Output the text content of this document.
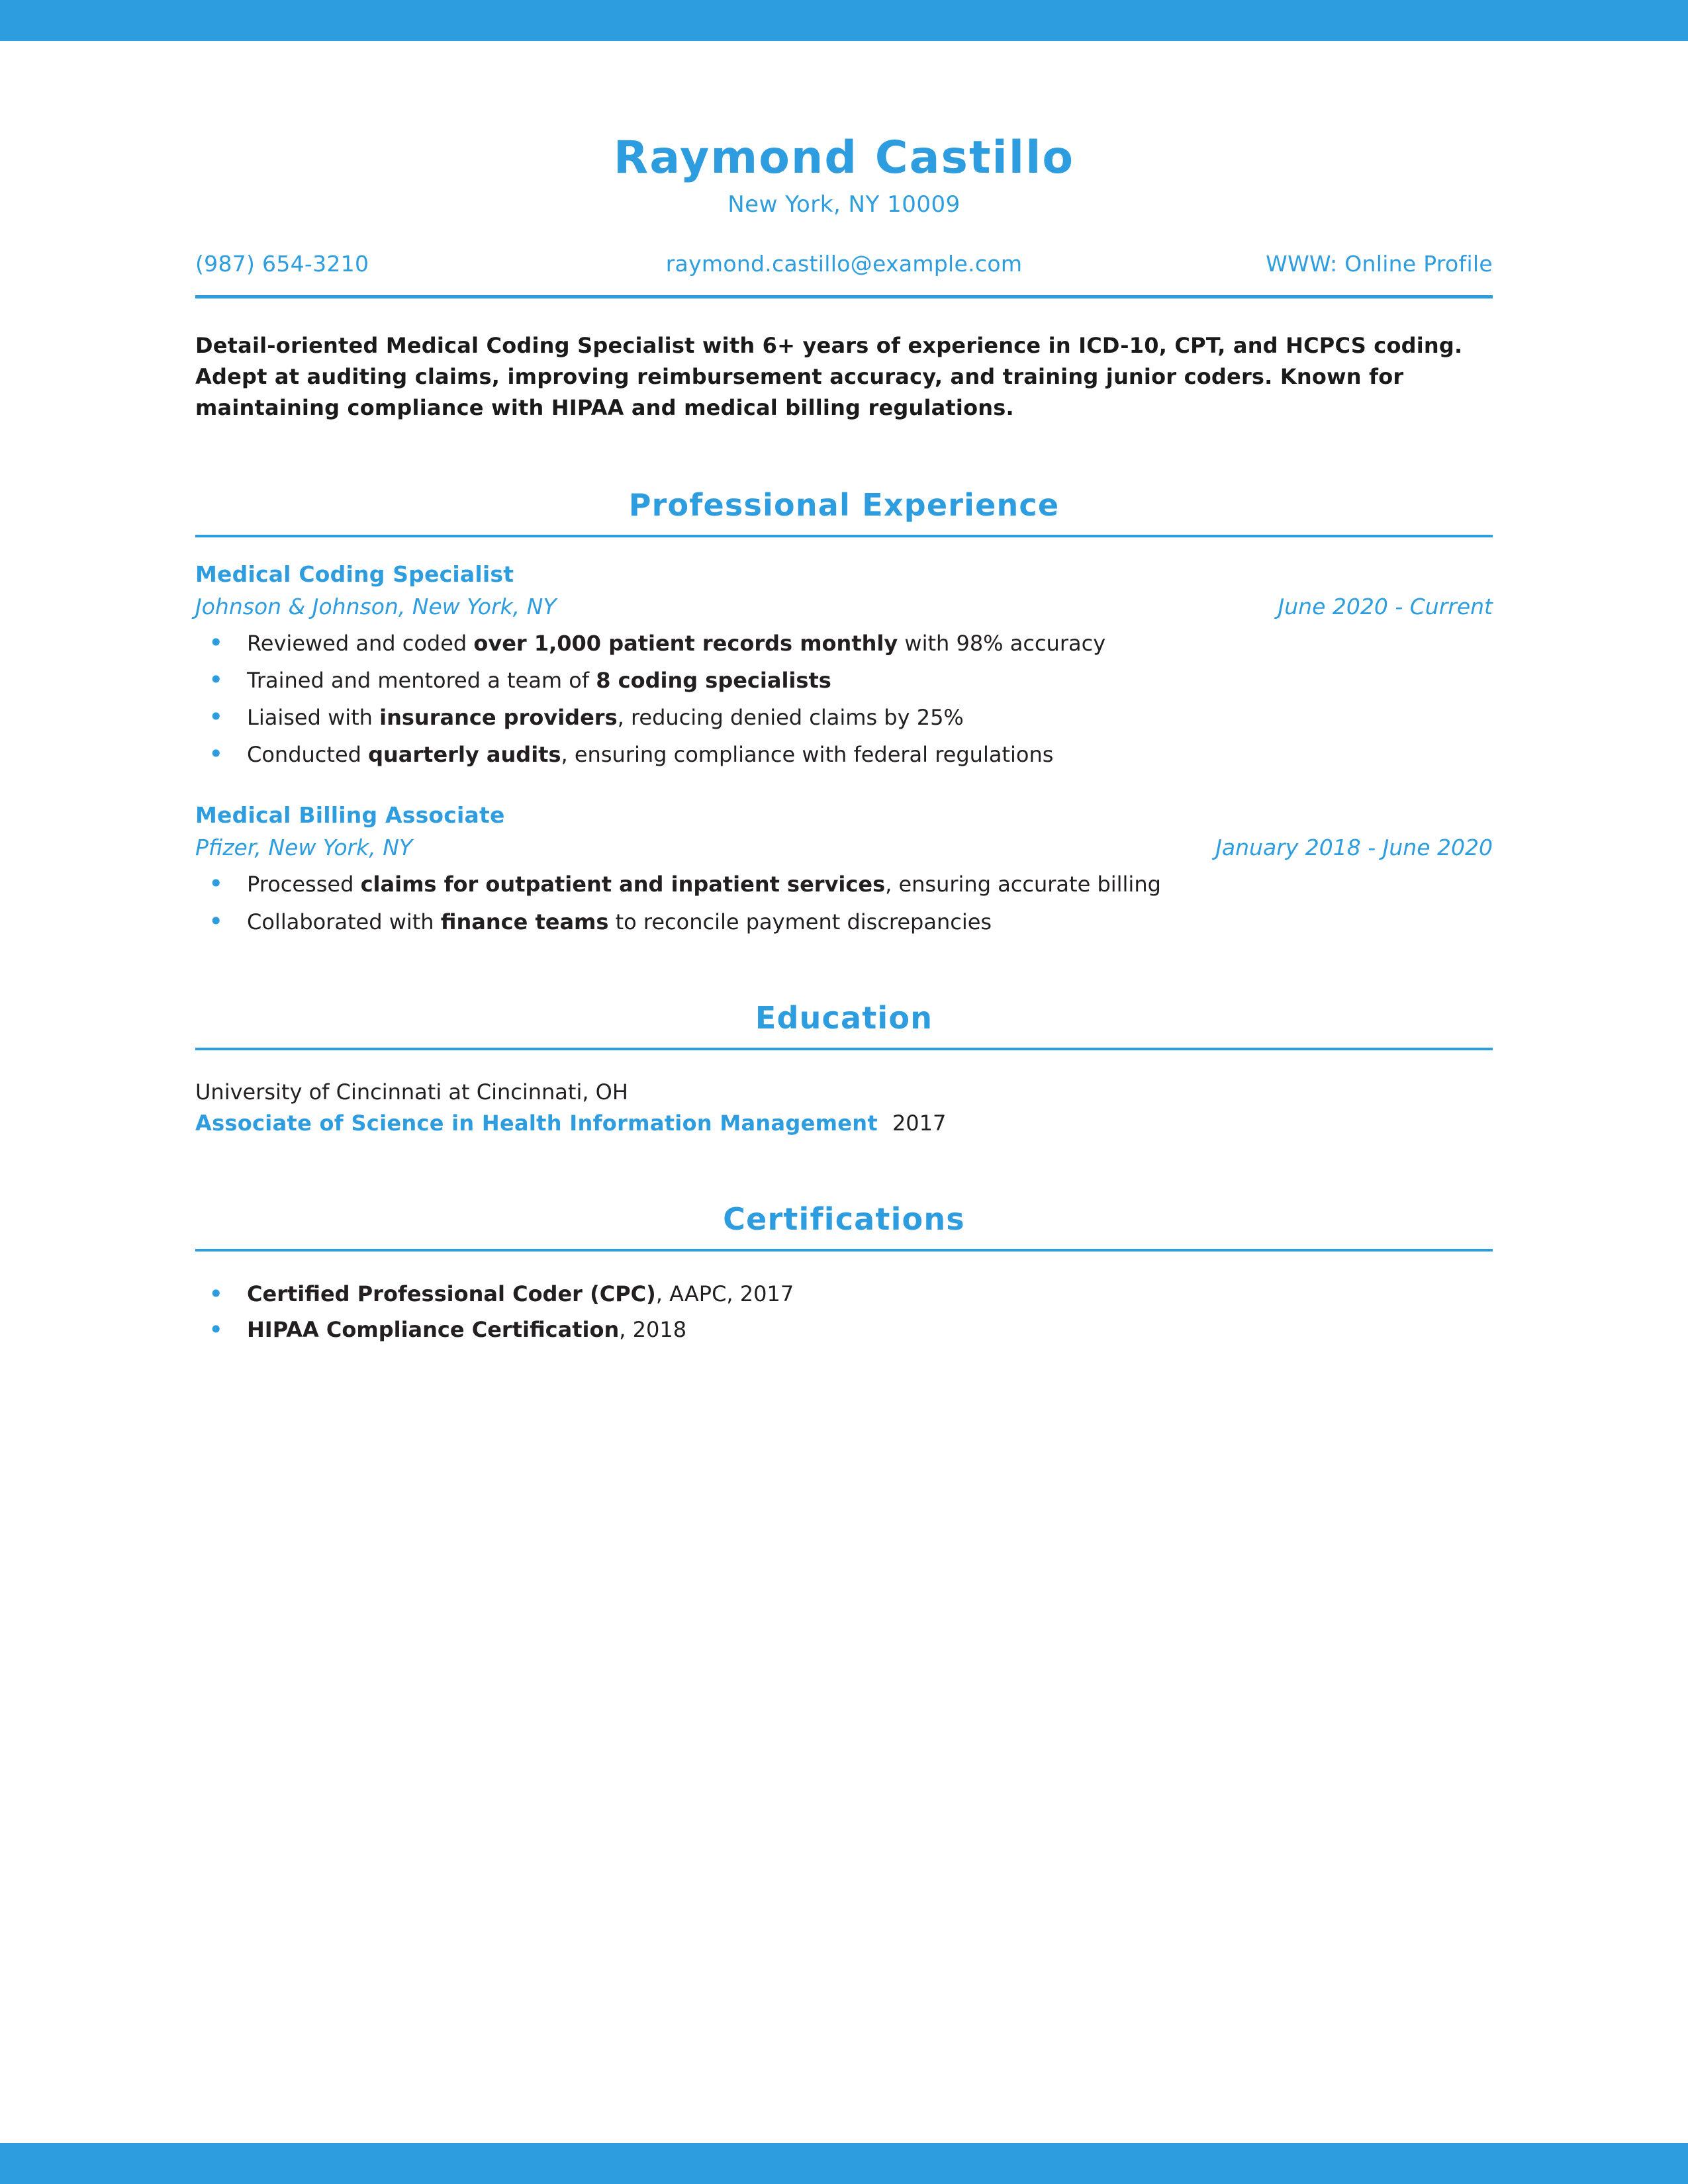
Raymond Castillo
New York, NY 10009
(987) 654-3210	raymond.castillo@example.com	WWW: Online Profile
Detail-oriented Medical Coding Specialist with 6+ years of experience in ICD-10, CPT, and HCPCS coding. Adept at auditing claims, improving reimbursement accuracy, and training junior coders. Known for maintaining compliance with HIPAA and medical billing regulations.
Professional Experience
Medical Coding Specialist
Johnson & Johnson, New York, NY	June 2020 - Current
• Reviewed and coded over 1,000 patient records monthly with 98% accuracy
• Trained and mentored a team of 8 coding specialists
• Liaised with insurance providers, reducing denied claims by 25%
• Conducted quarterly audits, ensuring compliance with federal regulations
Medical Billing Associate
Pfizer, New York, NY	January 2018 - June 2020
• Processed claims for outpatient and inpatient services, ensuring accurate billing
• Collaborated with finance teams to reconcile payment discrepancies
Education
University of Cincinnati at Cincinnati, OH
Associate of Science in Health Information Management 2017
Certifications
• Certified Professional Coder (CPC), AAPC, 2017
• HIPAA Compliance Certification, 2018
